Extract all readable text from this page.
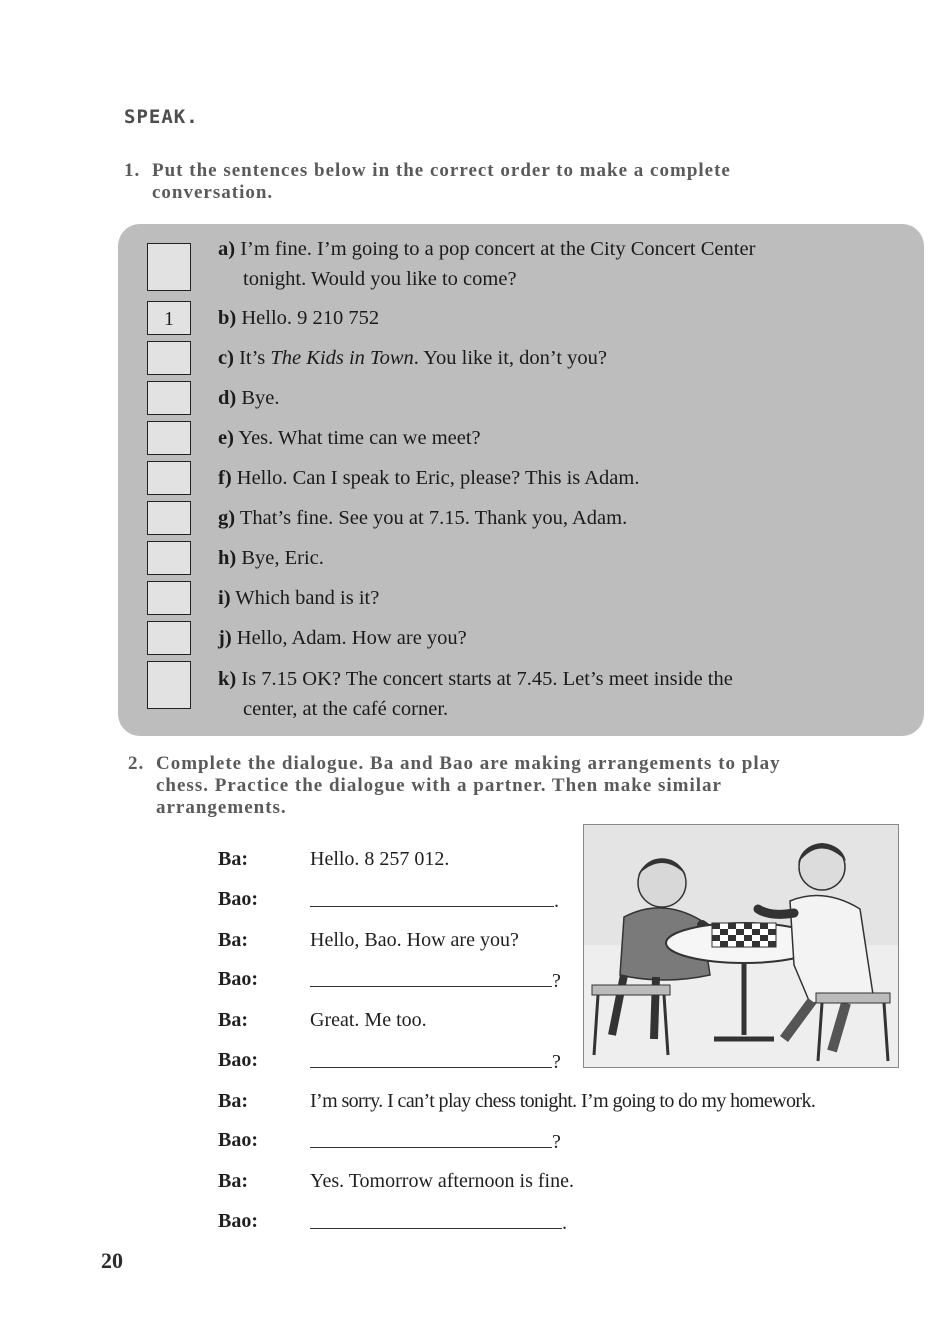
SPEAK.
1. Put the sentences below in the correct order to make a complete
conversation.
1
a) I’m fine. I’m going to a pop concert at the City Concert Center
tonight. Would you like to come?
b) Hello. 9 210 752
c) It’s The Kids in Town. You like it, don’t you?
d) Bye.
e) Yes. What time can we meet?
f) Hello. Can I speak to Eric, please? This is Adam.
g) That’s fine. See you at 7.15. Thank you, Adam.
h) Bye, Eric.
i) Which band is it?
j) Hello, Adam. How are you?
k) Is 7.15 OK? The concert starts at 7.45. Let’s meet inside the
center, at the café corner.
2. Complete the dialogue. Ba and Bao are making arrangements to play
chess. Practice the dialogue with a partner. Then make similar
arrangements.
Ba:	Hello. 8 257 012.
Bao:	.
Ba:	Hello, Bao. How are you?
Bao:	?
Ba:	Great. Me too.
Bao:	?
Ba:	I’m sorry. I can’t play chess tonight. I’m going to do my homework.
Bao:	?
Ba:	Yes. Tomorrow afternoon is fine.
Bao:	.
20
